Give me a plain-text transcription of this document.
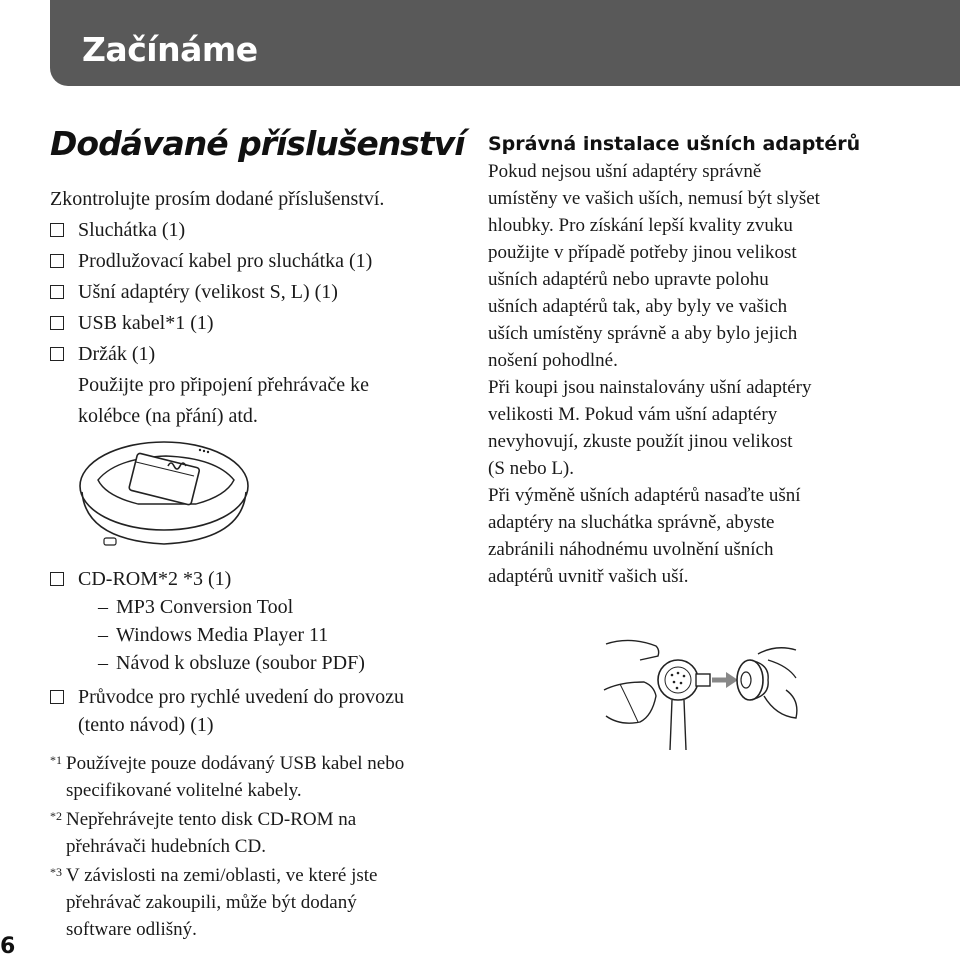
Začínáme
Dodávané příslušenství
Zkontrolujte prosím dodané příslušenství.
Sluchátka (1)
Prodlužovací kabel pro sluchátka (1)
Ušní adaptéry (velikost S, L) (1)
USB kabel*1 (1)
Držák (1)
Použijte pro připojení přehrávače ke
kolébce (na přání) atd.
CD-ROM*2 *3 (1)
– MP3 Conversion Tool
– Windows Media Player 11
– Návod k obsluze (soubor PDF)
Průvodce pro rychlé uvedení do provozu
(tento návod) (1)
*1 Používejte pouze dodávaný USB kabel nebo
specifikované volitelné kabely.
*2 Nepřehrávejte tento disk CD-ROM na
přehrávači hudebních CD.
*3 V závislosti na zemi/oblasti, ve které jste
přehrávač zakoupili, může být dodaný
software odlišný.
6
Správná instalace ušních adaptérů

Pokud nejsou ušní adaptéry správně

umístěny ve vašich uších, nemusí být slyšet

hloubky. Pro získání lepší kvality zvuku

použijte v případě potřeby jinou velikost

ušních adaptérů nebo upravte polohu

ušních adaptérů tak, aby byly ve vašich

uších umístěny správně a aby bylo jejich

nošení pohodlné.

Při koupi jsou nainstalovány ušní adaptéry

velikosti M. Pokud vám ušní adaptéry

nevyhovují, zkuste použít jinou velikost

(S nebo L).

Při výměně ušních adaptérů nasaďte ušní

adaptéry na sluchátka správně, abyste

zabránili náhodnému uvolnění ušních

adaptérů uvnitř vašich uší.
